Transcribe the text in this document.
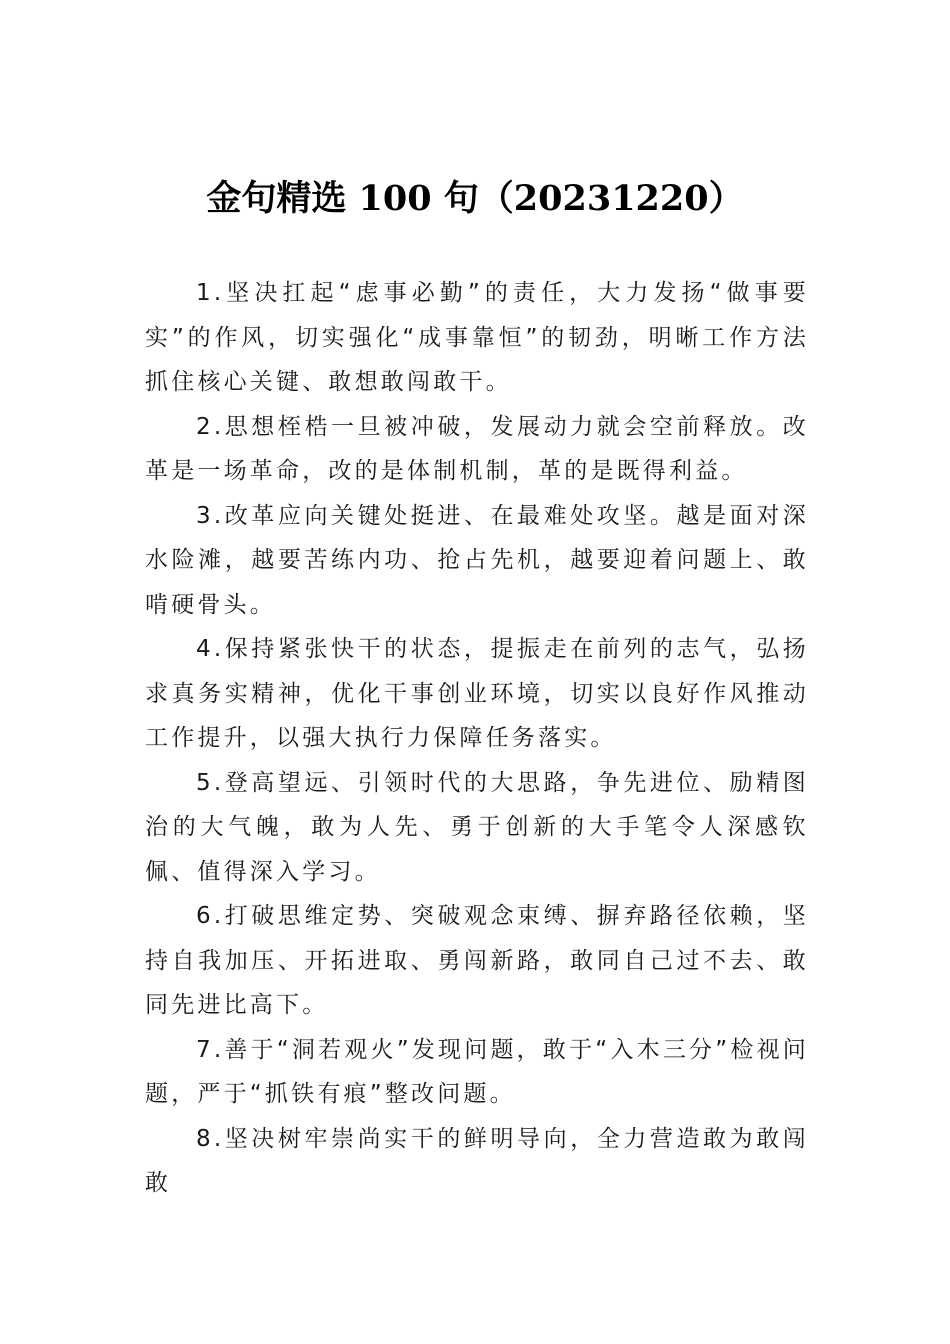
金句精选 100 句（20231220）

1.坚决扛起“虑事必勤”的责任，大力发扬“做事要实”的作风，切实强化“成事靠恒”的韧劲，明晰工作方法抓住核心关键、敢想敢闯敢干。

2.思想桎梏一旦被冲破，发展动力就会空前释放。改革是一场革命，改的是体制机制，革的是既得利益。

3.改革应向关键处挺进、在最难处攻坚。越是面对深水险滩，越要苦练内功、抢占先机，越要迎着问题上、敢啃硬骨头。

4.保持紧张快干的状态，提振走在前列的志气，弘扬求真务实精神，优化干事创业环境，切实以良好作风推动工作提升，以强大执行力保障任务落实。

5.登高望远、引领时代的大思路，争先进位、励精图治的大气魄，敢为人先、勇于创新的大手笔令人深感钦佩、值得深入学习。

6.打破思维定势、突破观念束缚、摒弃路径依赖，坚持自我加压、开拓进取、勇闯新路，敢同自己过不去、敢同先进比高下。

7.善于“洞若观火”发现问题，敢于“入木三分”检视问题，严于“抓铁有痕”整改问题。

8.坚决树牢崇尚实干的鲜明导向，全力营造敢为敢闯敢
